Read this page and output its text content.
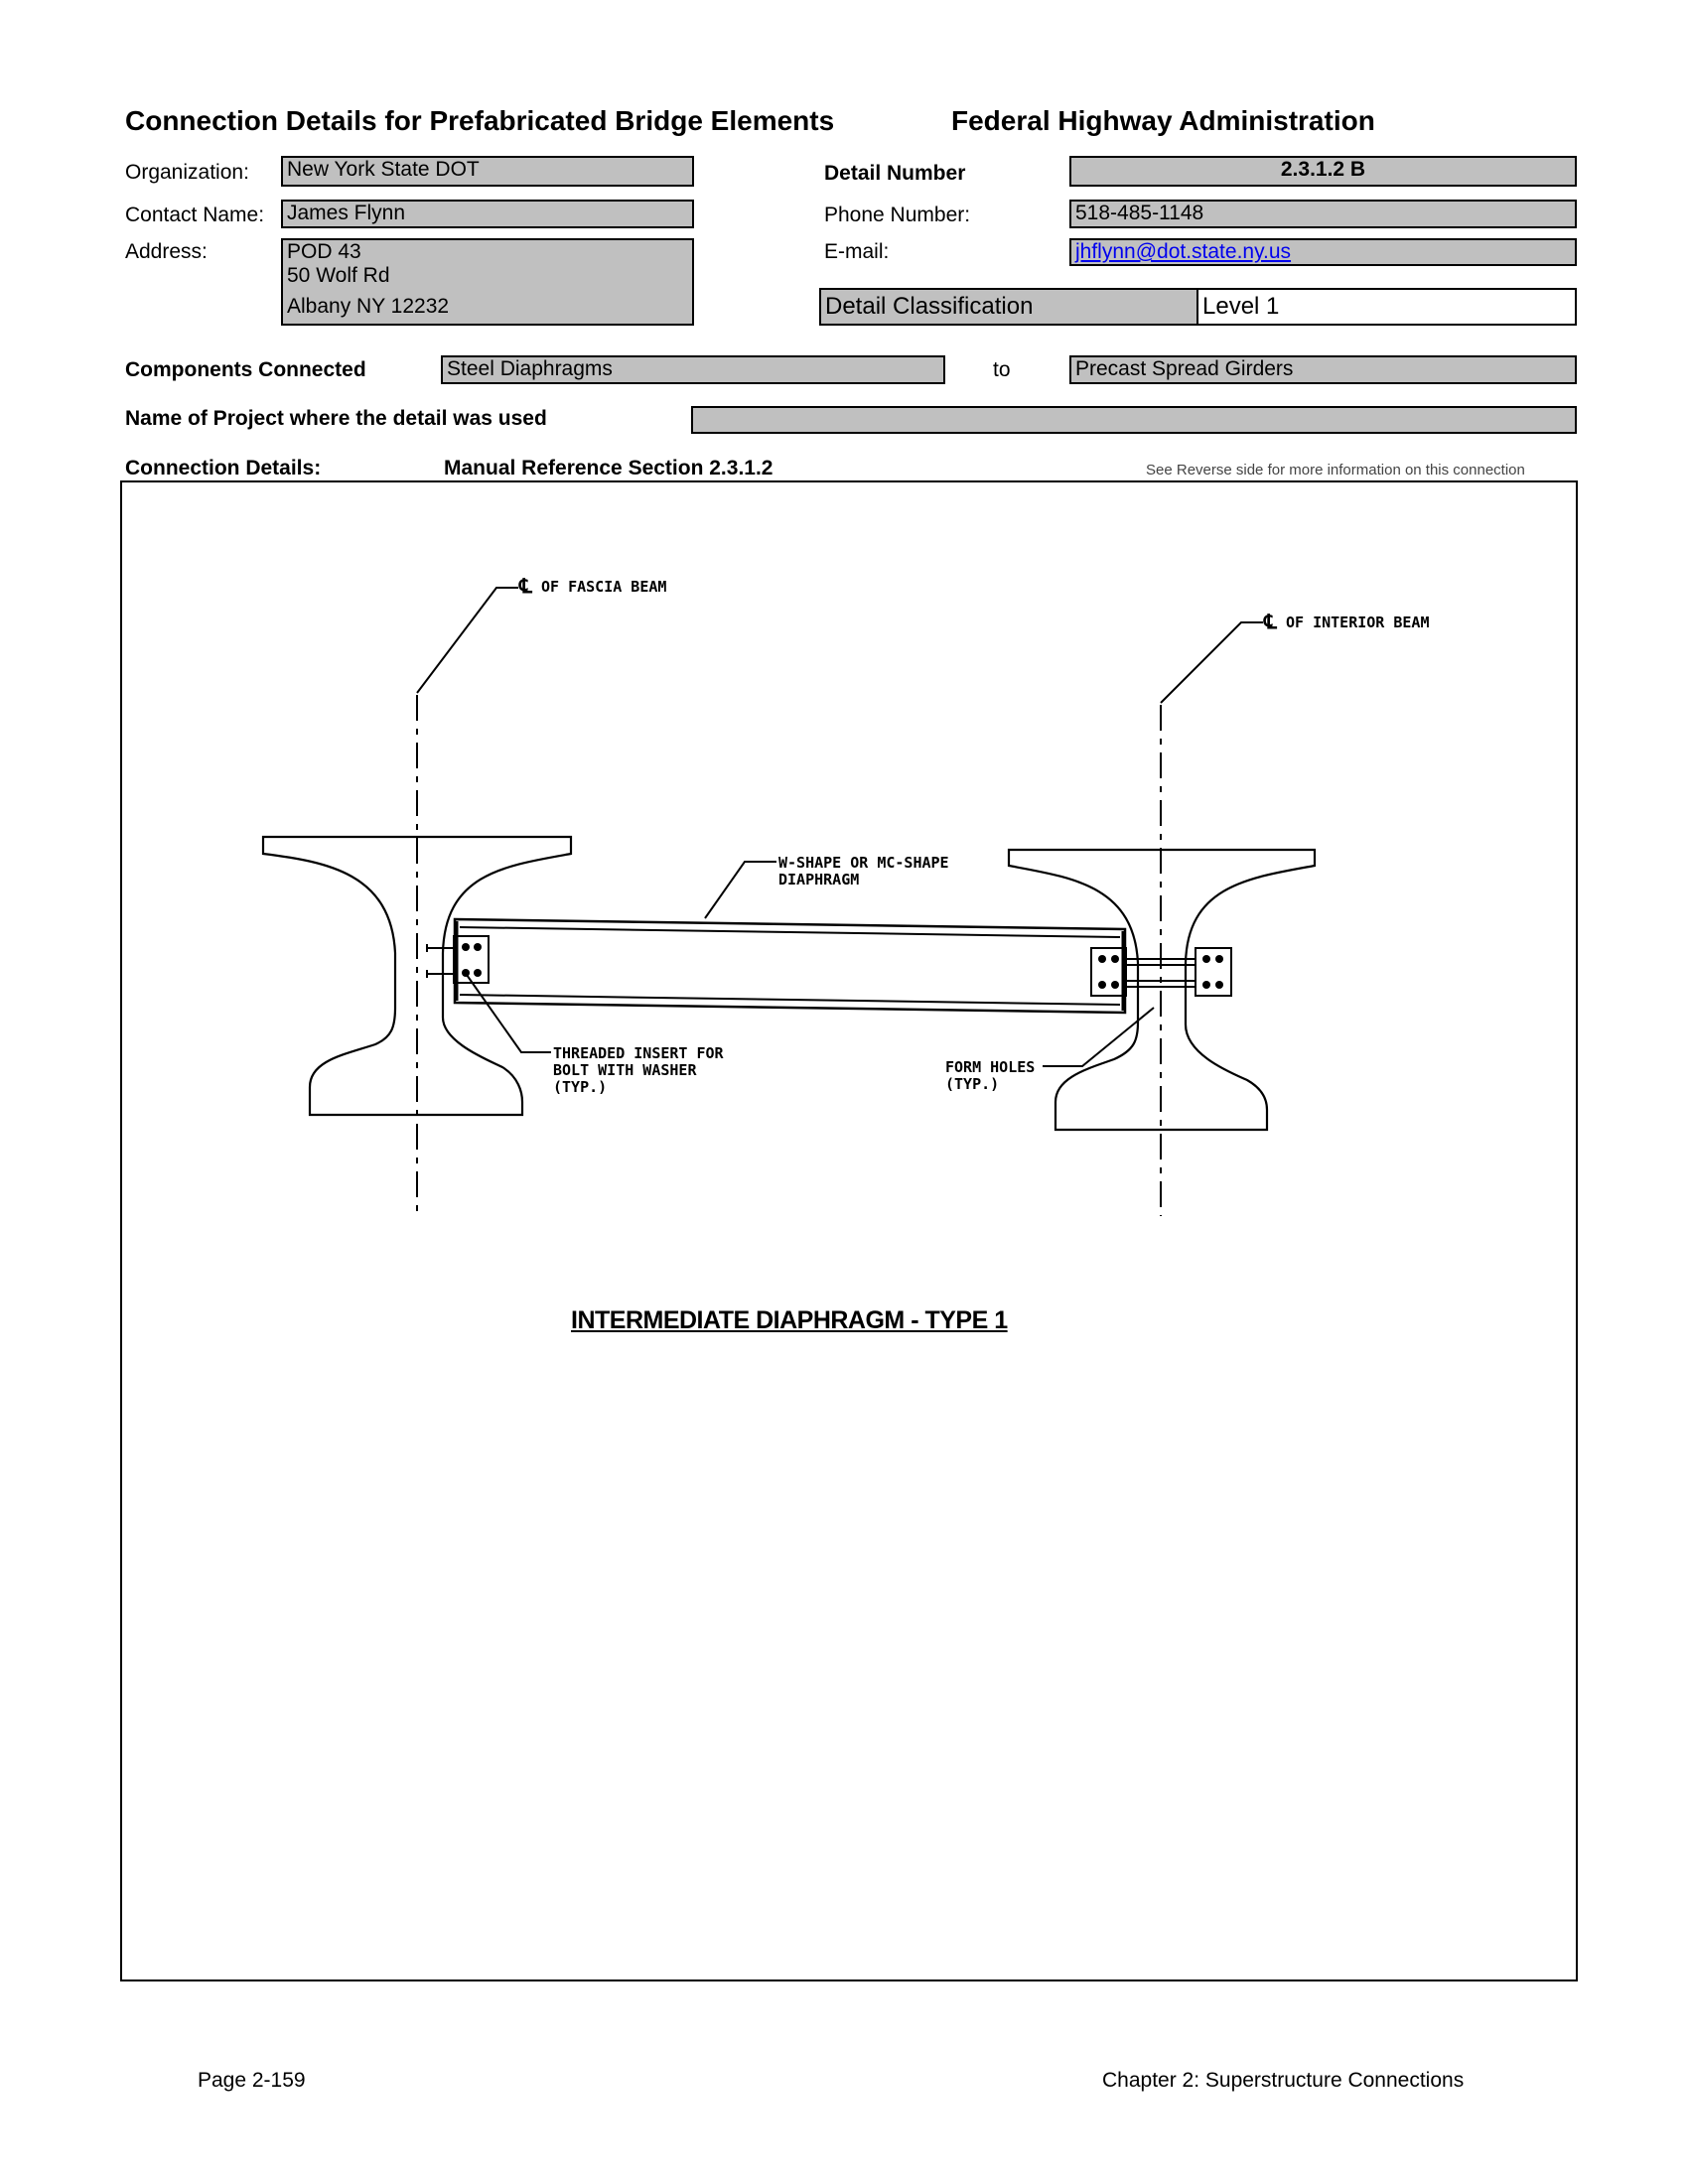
Connection Details for Prefabricated Bridge Elements	Federal Highway Administration
Organization: New York State DOT
Contact Name: James Flynn
Address:	POD 43
50 Wolf Rd
Albany NY 12232
Detail Number	2.3.1.2 B
Phone Number:	518-485-1148
E-mail:	jhflynn@dot.state.ny.us
Detail Classification	Level 1
Components Connected	Steel Diaphragms	to	Precast Spread Girders
Name of Project where the detail was used
Connection Details:	Manual Reference Section 2.3.1.2	See Reverse side for more information on this connection
℄ OF FASCIA BEAM
℄ OF INTERIOR BEAM
W-SHAPE OR MC-SHAPE
DIAPHRAGM
THREADED INSERT FOR
BOLT WITH WASHER
(TYP.)
FORM HOLES
(TYP.)
INTERMEDIATE DIAPHRAGM - TYPE 1
Page 2-159	Chapter 2: Superstructure Connections
